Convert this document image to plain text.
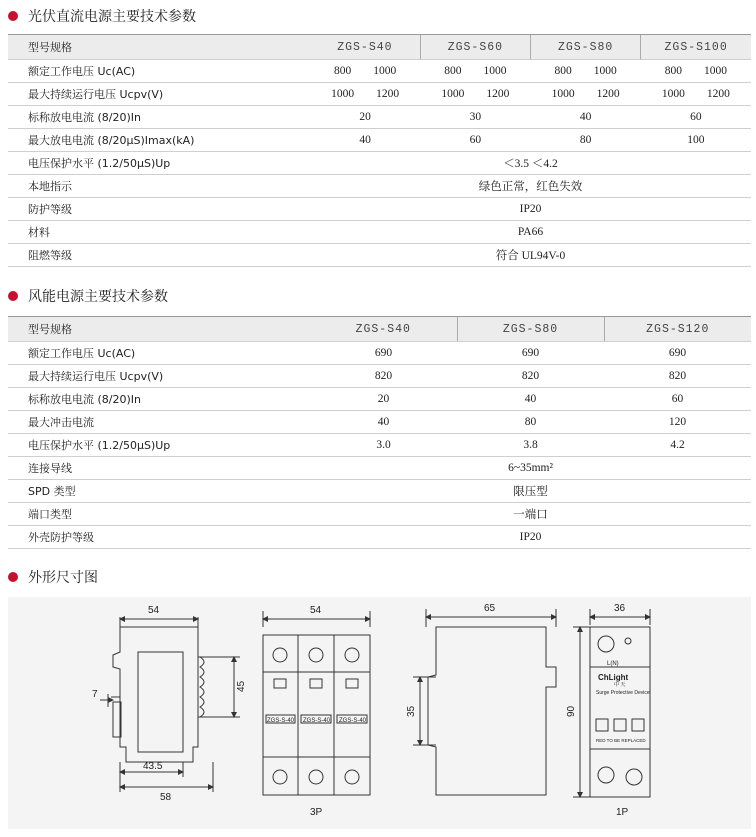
光伏直流电源主要技术参数
型号规格	ZGS-S40	ZGS-S60	ZGS-S80	ZGS-S100
额定工作电压 Uc(AC)	800 1000	800 1000	800 1000	800 1000

最大持续运行电压 Ucpv(V)	1000 1200	1000 1200	1000 1200	1000 1200

标称放电电流 (8/20)In	20	30	40	60
最大放电电流 (8/20μS)Imax(kA)	40	60	80	100
电压保护水平 (1.2/50μS)Up	＜3.5 ＜4.2			
本地指示	绿色正常，红色失效			
防护等级	IP20			
材料	PA66			
阻燃等级	符合 UL94V-0			
风能电源主要技术参数
型号规格	ZGS-S40	ZGS-S80	ZGS-S120
额定工作电压 Uc(AC)	690	690	690
最大持续运行电压 Ucpv(V)	820	820	820
标称放电电流 (8/20)In	20	40	60
最大冲击电流	40	80	120
电压保护水平 (1.2/50μS)Up	3.0	3.8	4.2
连接导线	6~35mm²		
SPD 类型	限压型		
端口类型	一端口		
外壳防护等级	IP20		
外形尺寸图
54
45
7
43.5
58
54
3P
ZGS-S-40 ZGS-S-40 ZGS-S-40
65
35
36
90
1P
L(N)
ChLight
中 天
Surge Protective Device
RED TO BE REPLACED
